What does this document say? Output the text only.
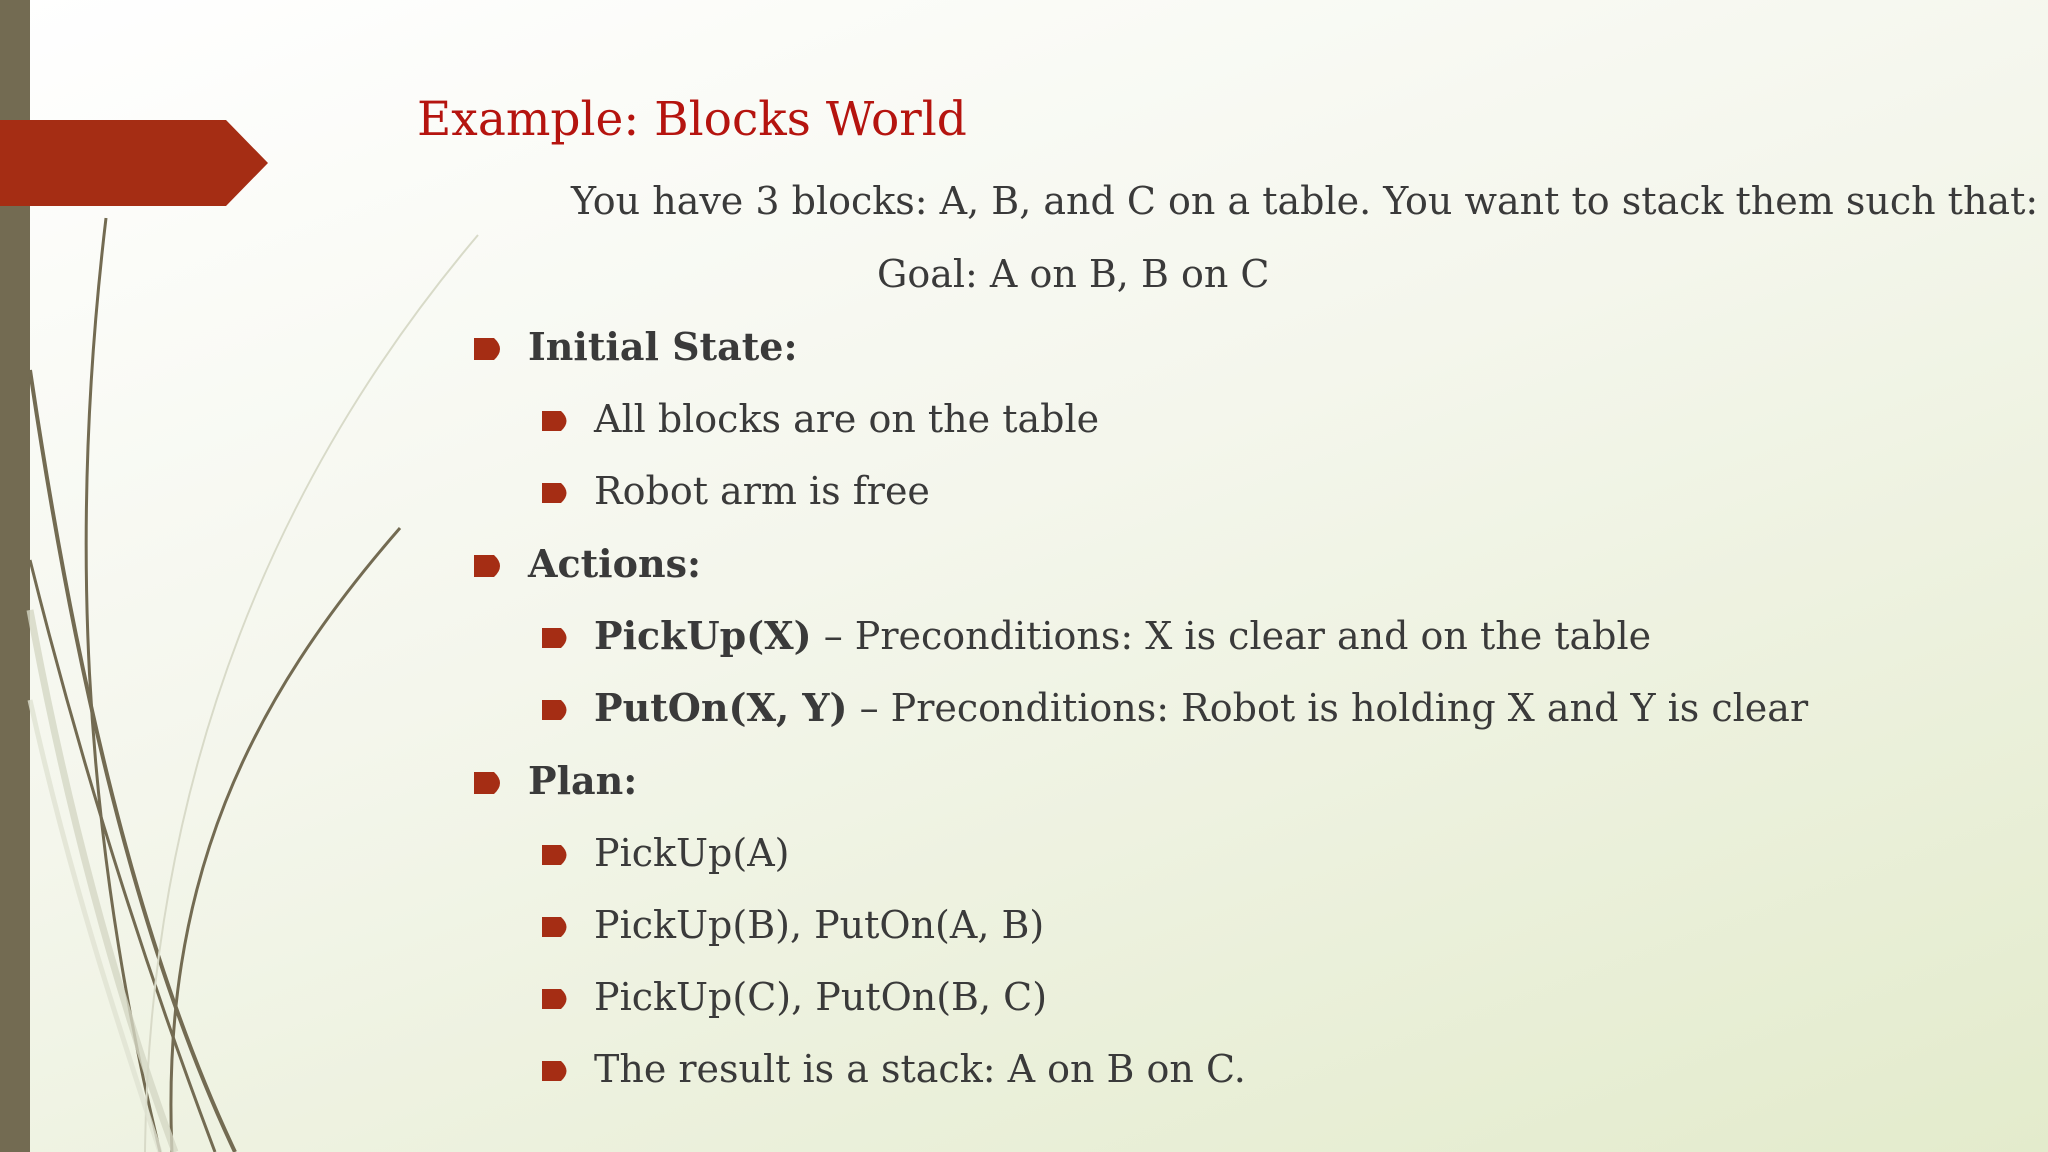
Example: Blocks World
You have 3 blocks: A, B, and C on a table. You want to stack them such that:
Goal: A on B, B on C
Initial State:
All blocks are on the table
Robot arm is free
Actions:
PickUp(X) – Preconditions: X is clear and on the table
PutOn(X, Y) – Preconditions: Robot is holding X and Y is clear
Plan:
PickUp(A)
PickUp(B), PutOn(A, B)
PickUp(C), PutOn(B, C)
The result is a stack: A on B on C.
